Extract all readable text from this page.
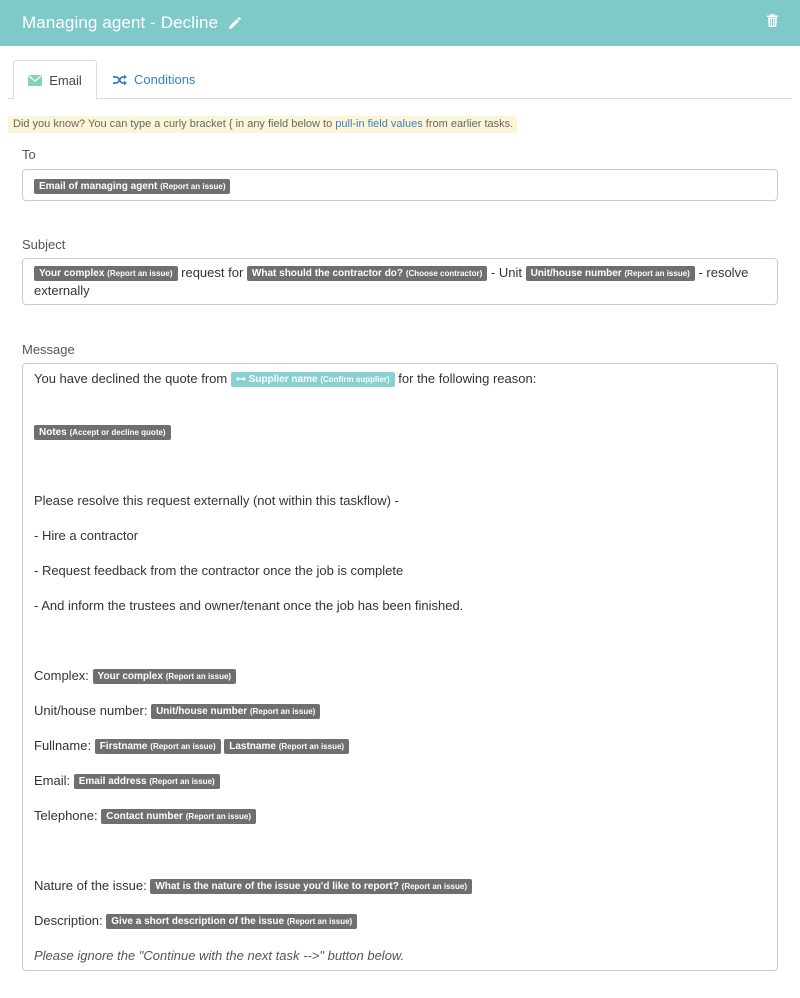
Managing agent - Decline
Email	Conditions
Did you know? You can type a curly bracket { in any field below to pull-in field values from earlier tasks.
To
Email of managing agent (Report an issue)
Subject
Your complex (Report an issue) request for What should the contractor do? (Choose contractor) - Unit Unit/house number (Report an issue) - resolve
externally
Message
You have declined the quote from ⊶ Supplier name (Confirm supplier) for the following reason:
Notes (Accept or decline quote)
Please resolve this request externally (not within this taskflow) -
- Hire a contractor
- Request feedback from the contractor once the job is complete
- And inform the trustees and owner/tenant once the job has been finished.
Complex: Your complex (Report an issue)
Unit/house number: Unit/house number (Report an issue)
Fullname: Firstname (Report an issue) Lastname (Report an issue)
Email: Email address (Report an issue)
Telephone: Contact number (Report an issue)
Nature of the issue: What is the nature of the issue you'd like to report? (Report an issue)
Description: Give a short description of the issue (Report an issue)
Please ignore the "Continue with the next task -->" button below.
